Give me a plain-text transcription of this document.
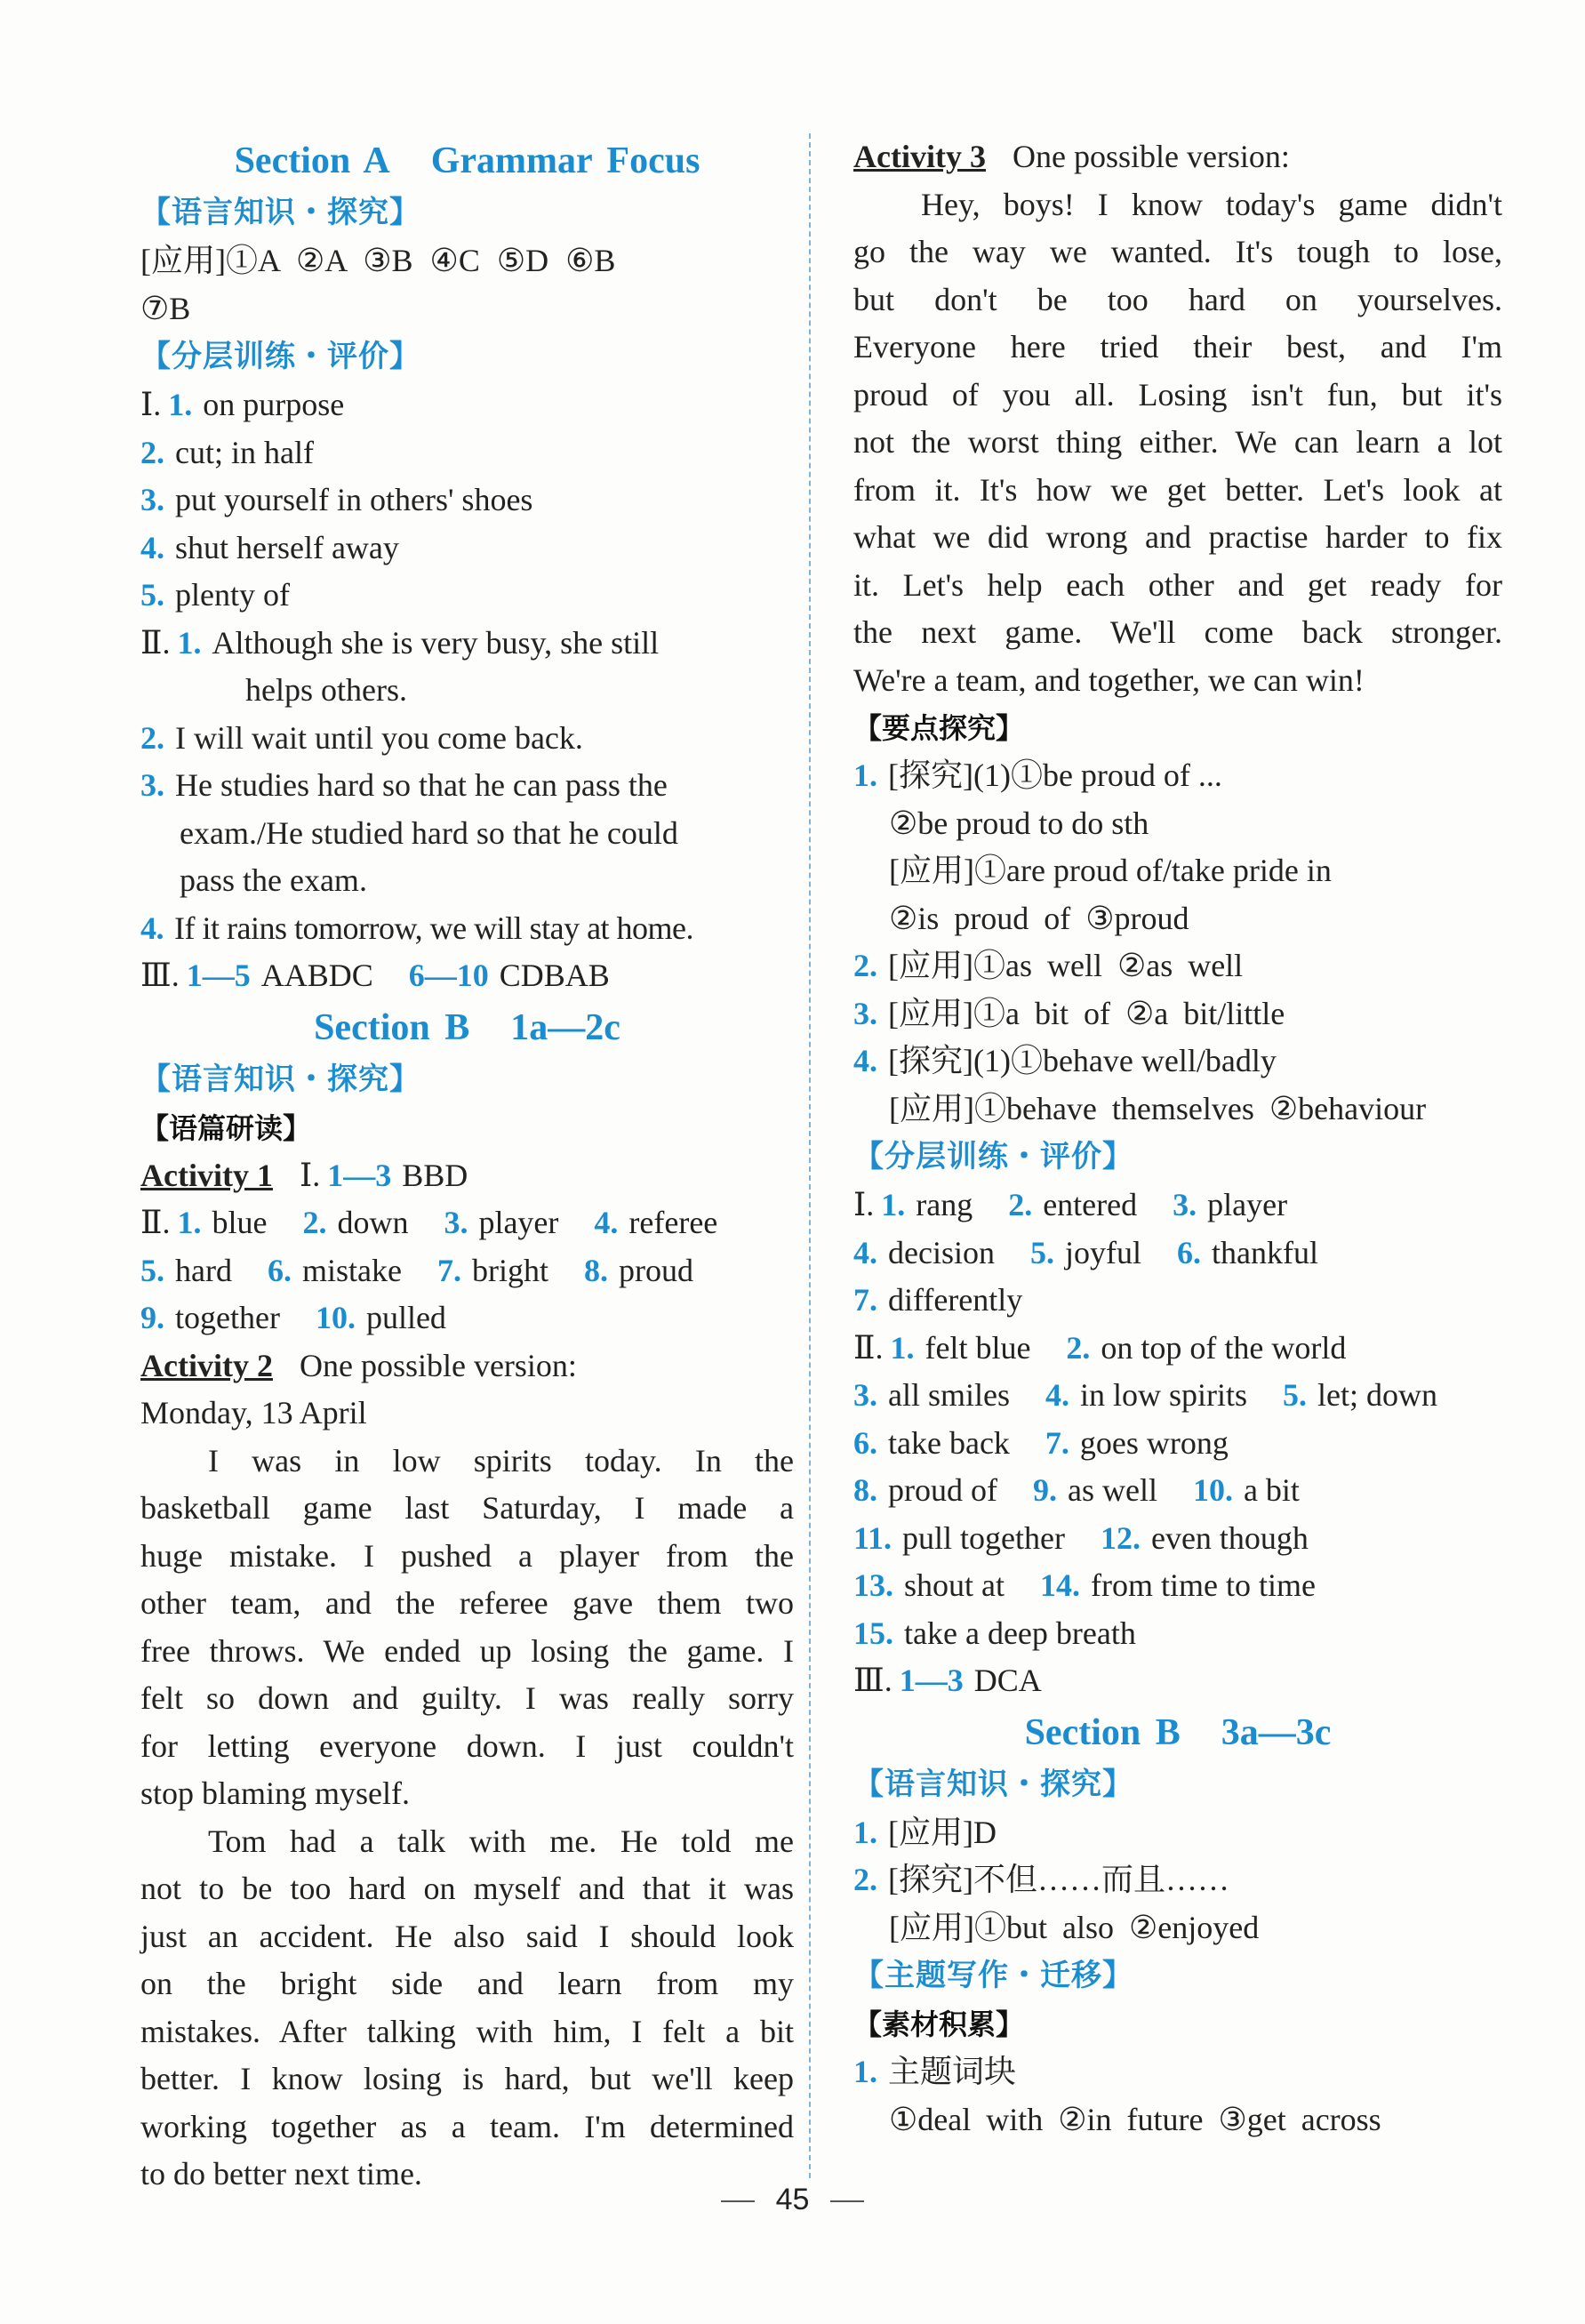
Section A Grammar Focus
【语言知识・探究】
[应用]①A ②A ③B ④C ⑤D ⑥B
⑦B
【分层训练・评价】
Ⅰ. 1. on purpose
2. cut; in half
3. put yourself in others' shoes
4. shut herself away
5. plenty of
Ⅱ. 1. Although she is very busy, she still
helps others.
2. I will wait until you come back.
3. He studies hard so that he can pass the
exam./He studied hard so that he could
pass the exam.
4. If it rains tomorrow, we will stay at home.
Ⅲ. 1—5 AABDC 6—10 CDBAB
Section B 1a—2c
【语言知识・探究】
【语篇研读】
Activity 1 Ⅰ. 1—3 BBD
Ⅱ. 1. blue 2. down 3. player 4. referee
5. hard 6. mistake 7. bright 8. proud
9. together 10. pulled
Activity 2 One possible version:
Monday, 13 April
I was in low spirits today. In the
basketball game last Saturday, I made a
huge mistake. I pushed a player from the
other team, and the referee gave them two
free throws. We ended up losing the game. I
felt so down and guilty. I was really sorry
for letting everyone down. I just couldn't
stop blaming myself.
Tom had a talk with me. He told me
not to be too hard on myself and that it was
just an accident. He also said I should look
on the bright side and learn from my
mistakes. After talking with him, I felt a bit
better. I know losing is hard, but we'll keep
working together as a team. I'm determined
to do better next time.
Activity 3 One possible version:
Hey, boys! I know today's game didn't
go the way we wanted. It's tough to lose,
but don't be too hard on yourselves.
Everyone here tried their best, and I'm
proud of you all. Losing isn't fun, but it's
not the worst thing either. We can learn a lot
from it. It's how we get better. Let's look at
what we did wrong and practise harder to fix
it. Let's help each other and get ready for
the next game. We'll come back stronger.
We're a team, and together, we can win!
【要点探究】
1. [探究](1)①be proud of ...
②be proud to do sth
[应用]①are proud of/take pride in
②is proud of ③proud
2. [应用]①as well ②as well
3. [应用]①a bit of ②a bit/little
4. [探究](1)①behave well/badly
[应用]①behave themselves ②behaviour
【分层训练・评价】
Ⅰ. 1. rang 2. entered 3. player
4. decision 5. joyful 6. thankful
7. differently
Ⅱ. 1. felt blue 2. on top of the world
3. all smiles 4. in low spirits 5. let; down
6. take back 7. goes wrong
8. proud of 9. as well 10. a bit
11. pull together 12. even though
13. shout at 14. from time to time
15. take a deep breath
Ⅲ. 1—3 DCA
Section B 3a—3c
【语言知识・探究】
1. [应用]D
2. [探究]不但……而且……
[应用]①but also ②enjoyed
【主题写作・迁移】
【素材积累】
1. 主题词块
①deal with ②in future ③get across
45
